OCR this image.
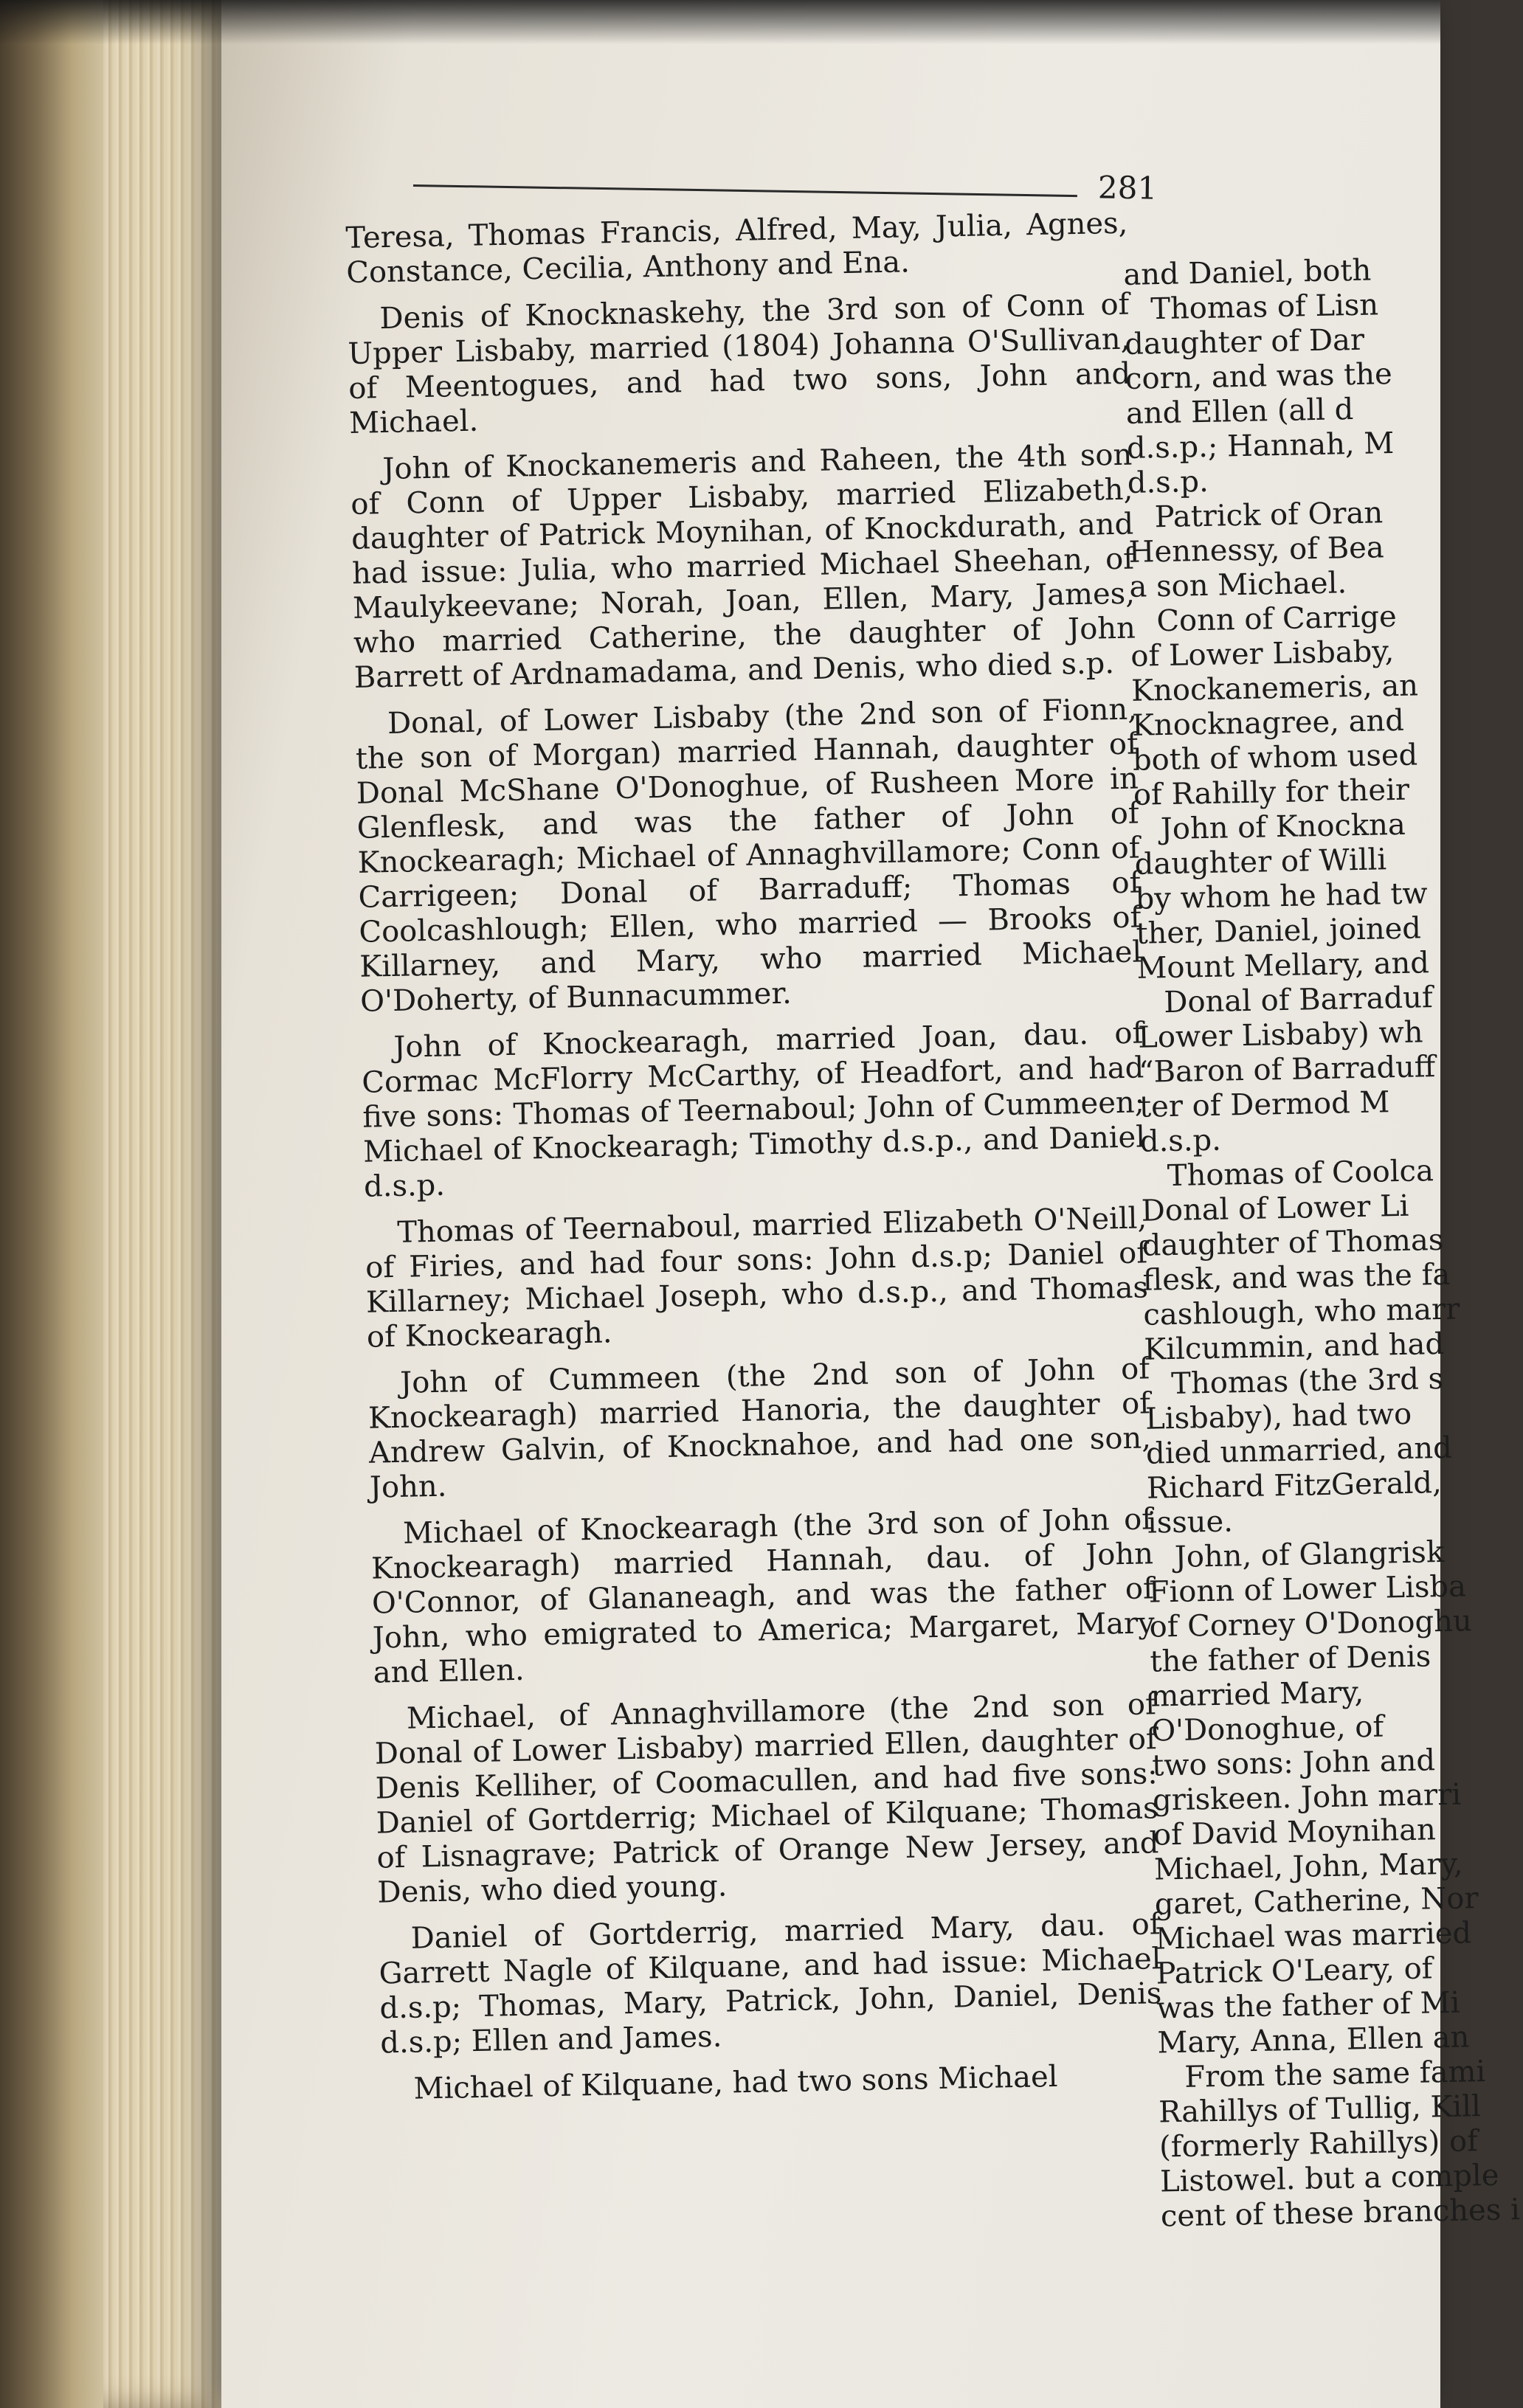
281

Teresa, Thomas Francis, Alfred, May, Julia, Agnes, Constance, Cecilia, Anthony and Ena.

Denis of Knocknaskehy, the 3rd son of Conn of Upper Lisbaby, married (1804) Johanna O'Sullivan, of Meentogues, and had two sons, John and Michael.

John of Knockanemeris and Raheen, the 4th son of Conn of Upper Lisbaby, married Elizabeth, daughter of Patrick Moynihan, of Knockdurath, and had issue: Julia, who married Michael Sheehan, of Maulykeevane; Norah, Joan, Ellen, Mary, James, who married Catherine, the daughter of John Barrett of Ardnamadama, and Denis, who died s.p.

Donal, of Lower Lisbaby (the 2nd son of Fionn, the son of Morgan) married Hannah, daughter of Donal McShane O'Donoghue, of Rusheen More in Glenflesk, and was the father of John of Knockearagh; Michael of Annaghvillamore; Conn of Carrigeen; Donal of Barraduff; Thomas of Coolcashlough; Ellen, who married — Brooks of Killarney, and Mary, who married Michael O'Doherty, of Bunnacummer.

John of Knockearagh, married Joan, dau. of Cormac McFlorry McCarthy, of Headfort, and had five sons: Thomas of Teernaboul; John of Cummeen; Michael of Knockearagh; Timothy d.s.p., and Daniel d.s.p.

Thomas of Teernaboul, married Elizabeth O'Neill, of Firies, and had four sons: John d.s.p; Daniel of Killarney; Michael Joseph, who d.s.p., and Thomas of Knockearagh.

John of Cummeen (the 2nd son of John of Knockearagh) married Hanoria, the daughter of Andrew Galvin, of Knocknahoe, and had one son, John.

Michael of Knockearagh (the 3rd son of John of Knockearagh) married Hannah, dau. of John O'Connor, of Glananeagh, and was the father of John, who emigrated to America; Margaret, Mary and Ellen.

Michael, of Annaghvillamore (the 2nd son of Donal of Lower Lisbaby) married Ellen, daughter of Denis Kelliher, of Coomacullen, and had five sons: Daniel of Gortderrig; Michael of Kilquane; Thomas of Lisnagrave; Patrick of Orange New Jersey, and Denis, who died young.

Daniel of Gortderrig, married Mary, dau. of Garrett Nagle of Kilquane, and had issue: Michael d.s.p; Thomas, Mary, Patrick, John, Daniel, Denis d.s.p; Ellen and James.

Michael of Kilquane, had two sons Michael

and Daniel, both

Thomas of Lisn

daughter of Dar

corn, and was the

and Ellen (all d

d.s.p.; Hannah, M

d.s.p.

Patrick of Oran

Hennessy, of Bea

a son Michael.

Conn of Carrige

of Lower Lisbaby,

Knockanemeris, an

Knocknagree, and

both of whom used

of Rahilly for their

John of Knockna

daughter of Willi

by whom he had tw

ther, Daniel, joined

Mount Mellary, and

Donal of Barraduf

Lower Lisbaby) wh

“Baron of Barraduff

ter of Dermod M

d.s.p.

Thomas of Coolca

Donal of Lower Li

daughter of Thomas

flesk, and was the fa

cashlough, who marr

Kilcummin, and had

Thomas (the 3rd s

Lisbaby), had two

died unmarried, and

Richard FitzGerald,

issue.

John, of Glangrisk

Fionn of Lower Lisba

of Corney O'Donoghu

the father of Denis

married Mary,

O'Donoghue, of

two sons: John and

griskeen. John marri

of David Moynihan

Michael, John, Mary,

garet, Catherine, Nor

Michael was married

Patrick O'Leary, of

was the father of Mi

Mary, Anna, Ellen an

From the same fami

Rahillys of Tullig, Kill

(formerly Rahillys) of

Listowel. but a comple

cent of these branches i
